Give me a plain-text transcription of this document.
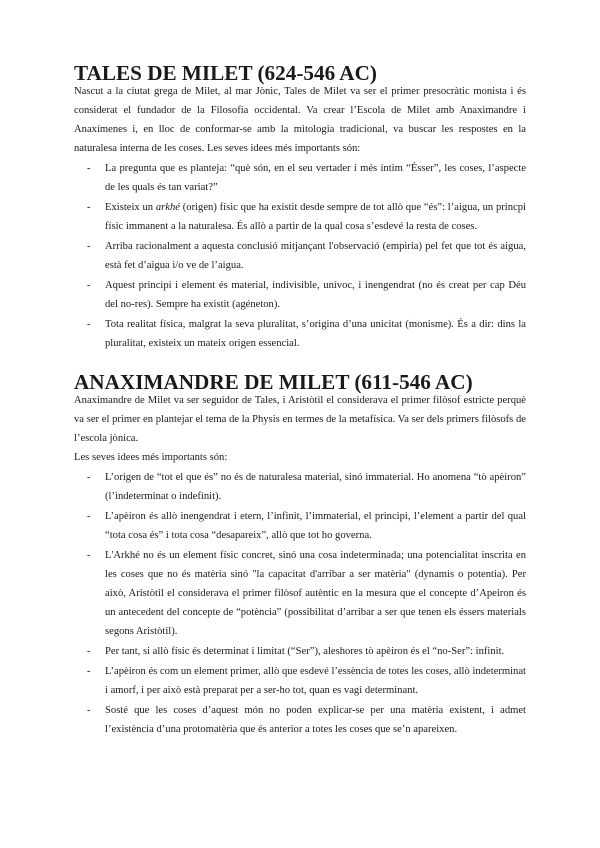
TALES DE MILET (624-546 AC)

Nascut a la ciutat grega de Milet, al mar Jònic, Tales de Milet va ser el primer presocràtic monista i és considerat el fundador de la Filosofia occidental. Va crear l’Escola de Milet amb Anaximandre i Anaxímenes i, en lloc de conformar-se amb la mitologia tradicional, va buscar les respostes en la naturalesa interna de les coses. Les seves idees més importants són:

- La pregunta que es planteja: “què són, en el seu vertader i més íntim “Ésser”, les coses, l’aspecte de les quals és tan variat?”
- Existeix un arkhé (origen) físic que ha existit desde sempre de tot allò que “és”: l’aigua, un princpi físic immanent a la naturalesa. És allò a partir de la qual cosa s’esdevé la resta de coses.
- Arriba racionalment a aquesta conclusió mitjançant l'observació (empiria) pel fet que tot és aigua, està fet d’aigua i/o ve de l’aigua.
- Aquest principi i element és material, indivisible, unívoc, i inengendrat (no és creat per cap Déu del no-res). Sempre ha existit (agéneton).
- Tota realitat física, malgrat la seva pluralitat, s’origina d’una unicitat (monisme). És a dir: dins la pluralitat, existeix un mateix origen essencial.
ANAXIMANDRE DE MILET (611-546 AC)

Anaximandre de Milet va ser seguidor de Tales, i Aristòtil el considerava el primer filòsof estricte perquè va ser el primer en plantejar el tema de la Physis en termes de la metafísica. Va ser dels primers filòsofs de l’escola jònica.

Les seves idees més importants són:

- L’origen de “tot el que és” no és de naturalesa material, sinó immaterial. Ho anomena “tò apèiron” (l’indeterminat o indefinit).
- L’apèiron és allò inengendrat i etern, l’infinit, l’immaterial, el principi, l’element a partir del qual “tota cosa és” i tota cosa “desapareix”, allò que tot ho governa.
- L'Arkhé no és un element físic concret, sinó una cosa indeterminada; una potencialitat inscrita en les coses que no és matèria sinó "la capacitat d'arribar a ser matèria" (dynamis o potentia). Per això, Aristòtil el considerava el primer filòsof autèntic en la mesura que el concepte d’Apeiron és un antecedent del concepte de “potència” (possibilitat d’arribar a ser que tenen els éssers materials segons Aristòtil).
- Per tant, si allò físic és determinat i limitat (“Ser”), aleshores tò apèiron és el “no-Ser”: infinit.
- L’apèiron és com un element primer, allò que esdevé l’essència de totes les coses, allò indeterminat i amorf, i per això està preparat per a ser-ho tot, quan es vagi determinant.
- Sosté que les coses d’aquest món no poden explicar-se per una matèria existent, i admet l’existència d’una protomatèria que és anterior a totes les coses que se’n apareixen.
